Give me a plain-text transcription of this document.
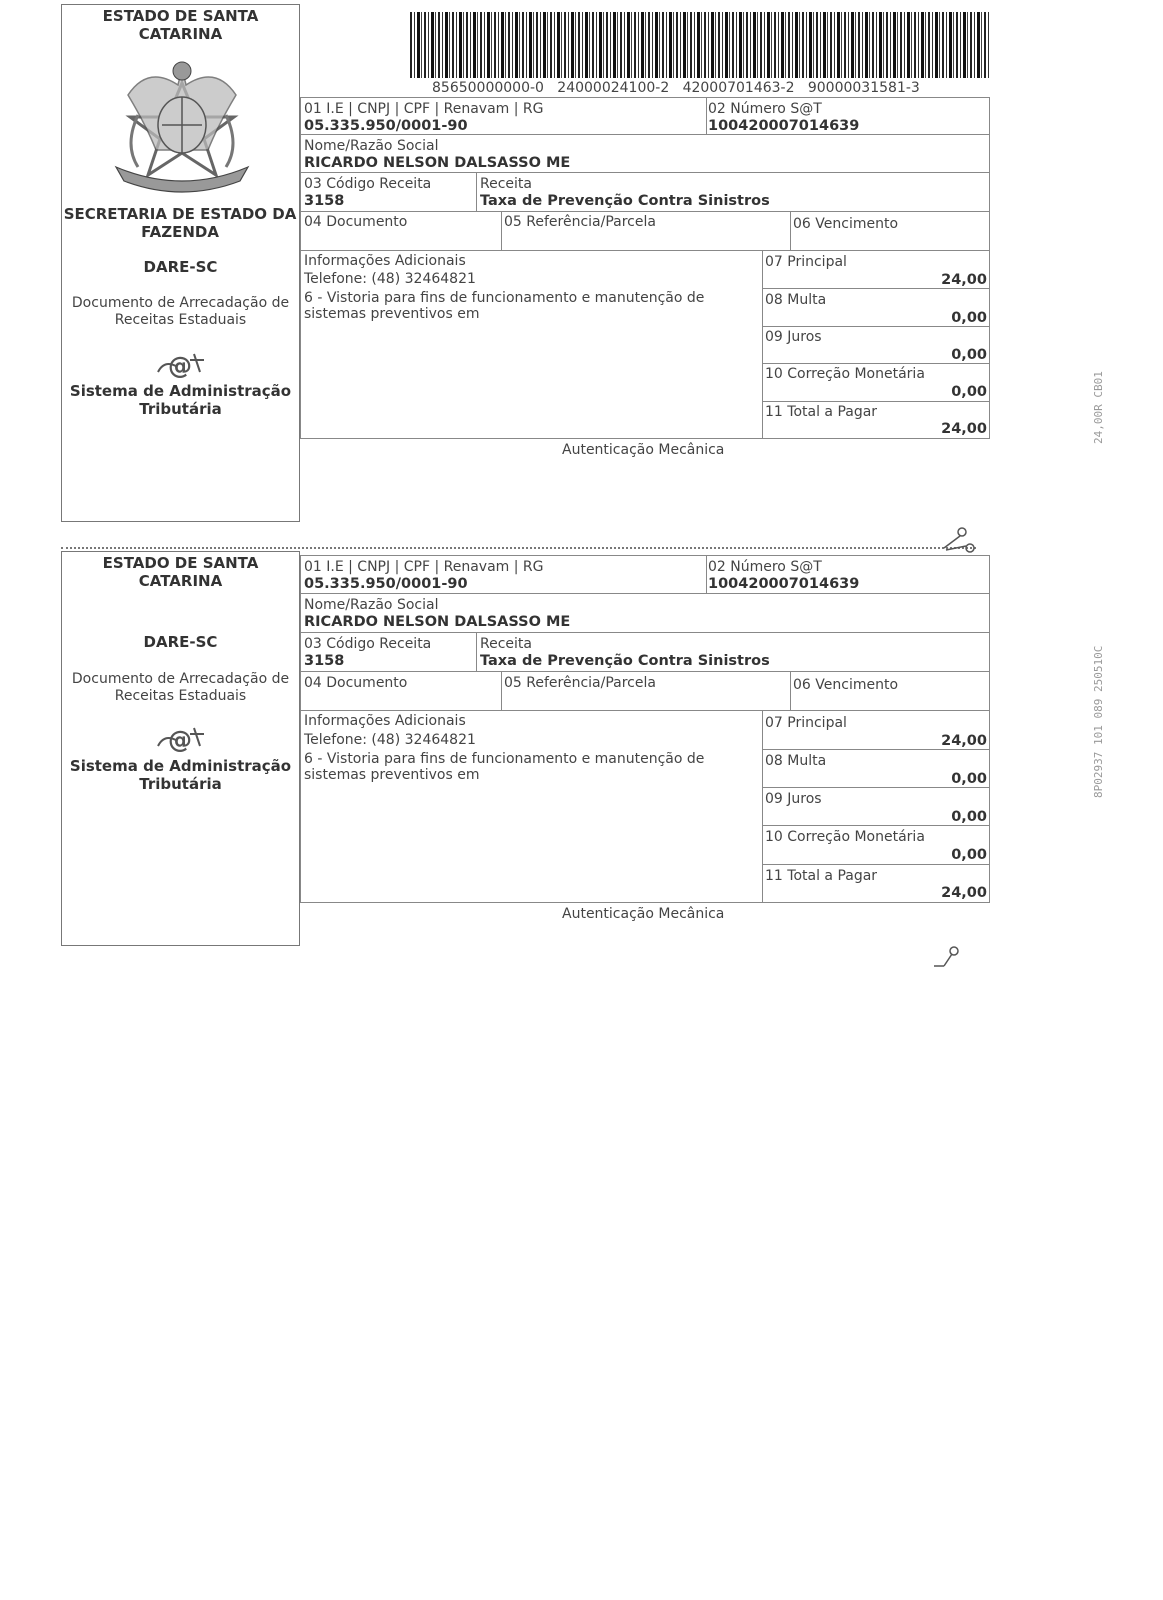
ESTADO DE SANTA
CATARINA
SECRETARIA DE ESTADO DA
FAZENDA
DARE-SC
Documento de Arrecadação de
Receitas Estaduais
@
Sistema de Administração
Tributária
85650000000-0   24000024100-2   42000701463-2   90000031581-3
01 I.E | CNPJ | CPF | Renavam | RG
05.335.950/0001-90
02 Número S@T
100420007014639
Nome/Razão Social
RICARDO NELSON DALSASSO ME
03 Código Receita
3158
Receita
Taxa de Prevenção Contra Sinistros
04 Documento	05 Referência/Parcela	06 Vencimento
Informações Adicionais
Telefone: (48) 32464821
6 - Vistoria para fins de funcionamento e manutenção de
sistemas preventivos em
07 Principal
24,00
08 Multa
0,00
09 Juros
0,00
10 Correção Monetária
0,00
11 Total a Pagar
24,00
Autenticação Mecânica
24,00R CB01
ESTADO DE SANTA
CATARINA
DARE-SC
Documento de Arrecadação de
Receitas Estaduais
@
Sistema de Administração
Tributária
01 I.E | CNPJ | CPF | Renavam | RG
05.335.950/0001-90
02 Número S@T
100420007014639
Nome/Razão Social
RICARDO NELSON DALSASSO ME
03 Código Receita
3158
Receita
Taxa de Prevenção Contra Sinistros
04 Documento	05 Referência/Parcela	06 Vencimento
Informações Adicionais
Telefone: (48) 32464821
6 - Vistoria para fins de funcionamento e manutenção de
sistemas preventivos em
07 Principal
24,00
08 Multa
0,00
09 Juros
0,00
10 Correção Monetária
0,00
11 Total a Pagar
24,00
Autenticação Mecânica
8P02937 101 089 250510C
